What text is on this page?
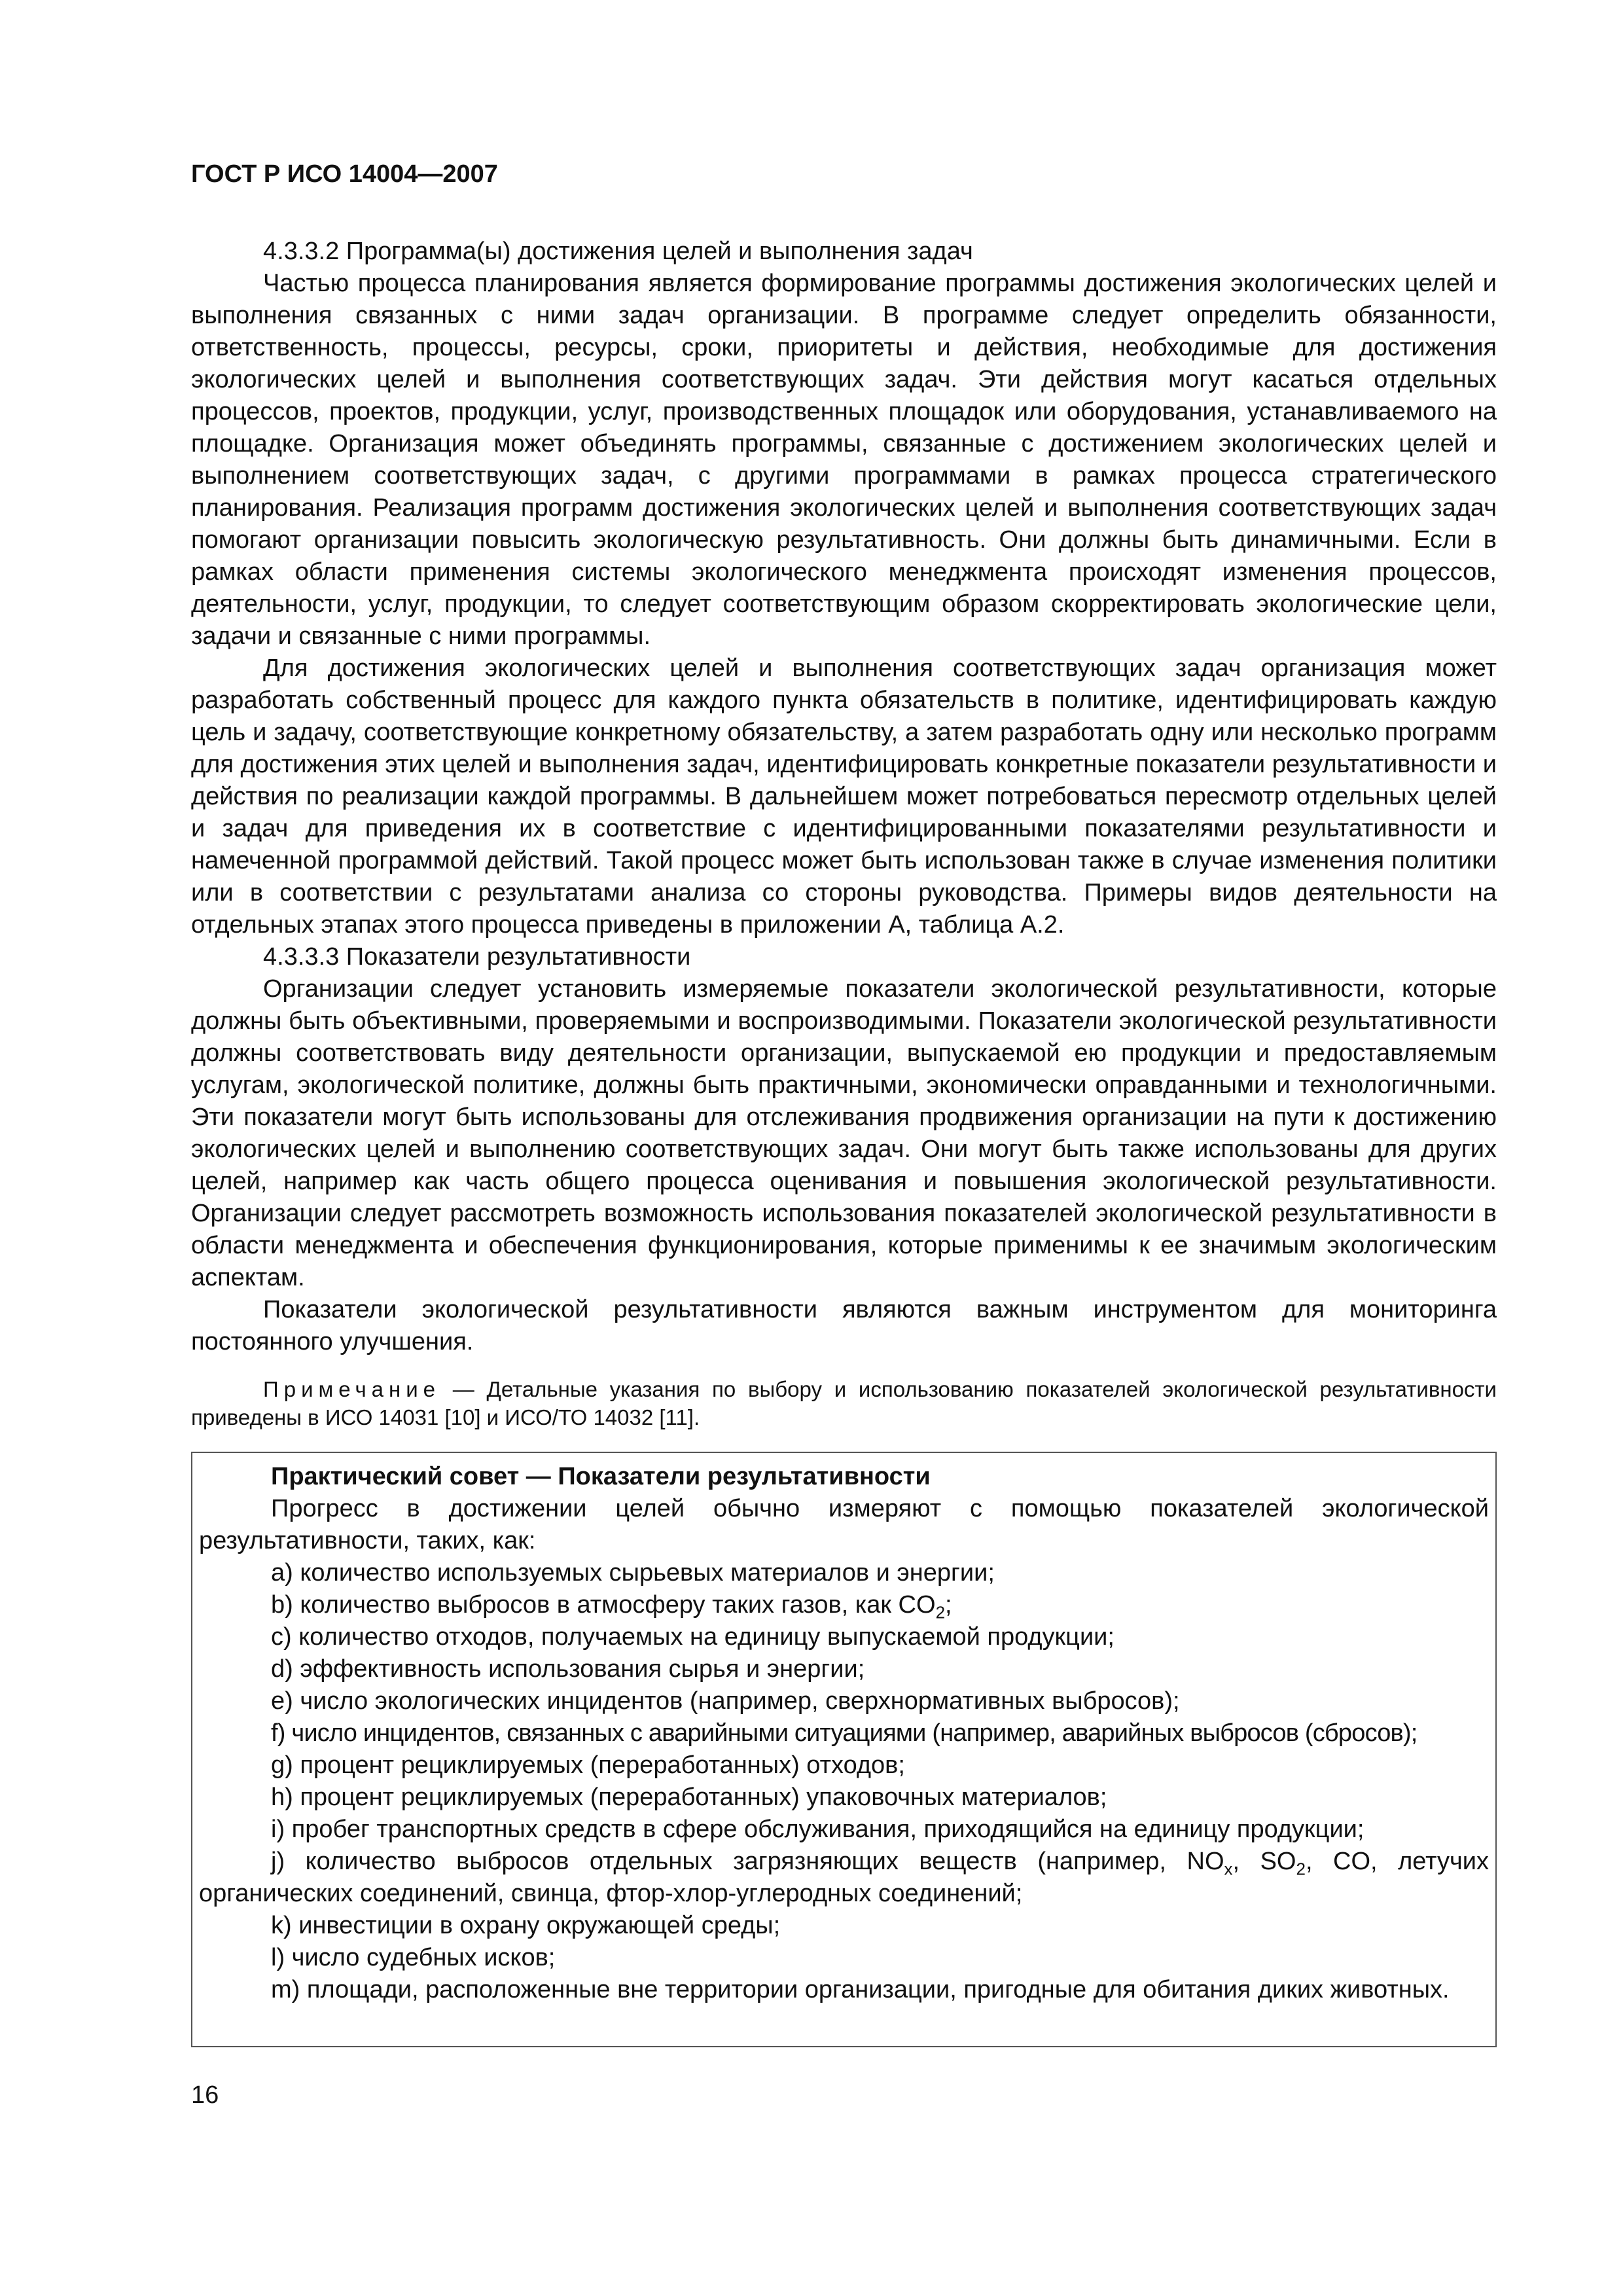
ГОСТ Р ИСО 14004—2007

4.3.3.2 Программа(ы) достижения целей и выполнения задач

Частью процесса планирования является формирование программы достижения экологических целей и выполнения связанных с ними задач организации. В программе следует определить обязанности, ответственность, процессы, ресурсы, сроки, приоритеты и действия, необходимые для достижения экологических целей и выполнения соответствующих задач. Эти действия могут касаться отдельных процессов, проектов, продукции, услуг, производственных площадок или оборудования, устанавливаемого на площадке. Организация может объединять программы, связанные с достижением экологических целей и выполнением соответствующих задач, с другими программами в рамках процесса стратегического планирования. Реализация программ достижения экологических целей и выполнения соответствующих задач помогают организации повысить экологическую результативность. Они должны быть динамичными. Если в рамках области применения системы экологического менеджмента происходят изменения процессов, деятельности, услуг, продукции, то следует соответствующим образом скорректировать экологические цели, задачи и связанные с ними программы.

Для достижения экологических целей и выполнения соответствующих задач организация может разработать собственный процесс для каждого пункта обязательств в политике, идентифицировать каждую цель и задачу, соответствующие конкретному обязательству, а затем разработать одну или несколько программ для достижения этих целей и выполнения задач, идентифицировать конкретные показатели результативности и действия по реализации каждой программы. В дальнейшем может потребоваться пересмотр отдельных целей и задач для приведения их в соответствие с идентифицированными показателями результативности и намеченной программой действий. Такой процесс может быть использован также в случае изменения политики или в соответствии с результатами анализа со стороны руководства. Примеры видов деятельности на отдельных этапах этого процесса приведены в приложении А, таблица А.2.

4.3.3.3 Показатели результативности

Организации следует установить измеряемые показатели экологической результативности, которые должны быть объективными, проверяемыми и воспроизводимыми. Показатели экологической результативности должны соответствовать виду деятельности организации, выпускаемой ею продукции и предоставляемым услугам, экологической политике, должны быть практичными, экономически оправданными и технологичными. Эти показатели могут быть использованы для отслеживания продвижения организации на пути к достижению экологических целей и выполнению соответствующих задач. Они могут быть также использованы для других целей, например как часть общего процесса оценивания и повышения экологической результативности. Организации следует рассмотреть возможность использования показателей экологической результативности в области менеджмента и обеспечения функционирования, которые применимы к ее значимым экологическим аспектам.

Показатели экологической результативности являются важным инструментом для мониторинга постоянного улучшения.

Примечание — Детальные указания по выбору и использованию показателей экологической результативности приведены в ИСО 14031 [10] и ИСО/ТО 14032 [11].

Практический совет — Показатели результативности

Прогресс в достижении целей обычно измеряют с помощью показателей экологической результативности, таких, как:

a) количество используемых сырьевых материалов и энергии;
b) количество выбросов в атмосферу таких газов, как $CO_2$;
c) количество отходов, получаемых на единицу выпускаемой продукции;
d) эффективность использования сырья и энергии;
e) число экологических инцидентов (например, сверхнормативных выбросов);
f) число инцидентов, связанных с аварийными ситуациями (например, аварийных выбросов (сбросов);
g) процент рециклируемых (переработанных) отходов;
h) процент рециклируемых (переработанных) упаковочных материалов;
i) пробег транспортных средств в сфере обслуживания, приходящийся на единицу продукции;
j) количество выбросов отдельных загрязняющих веществ (например, $NO_x$, $SO_2$, CO, летучих органических соединений, свинца, фтор-хлор-углеродных соединений;
k) инвестиции в охрану окружающей среды;
l) число судебных исков;
m) площади, расположенные вне территории организации, пригодные для обитания диких животных.
16
